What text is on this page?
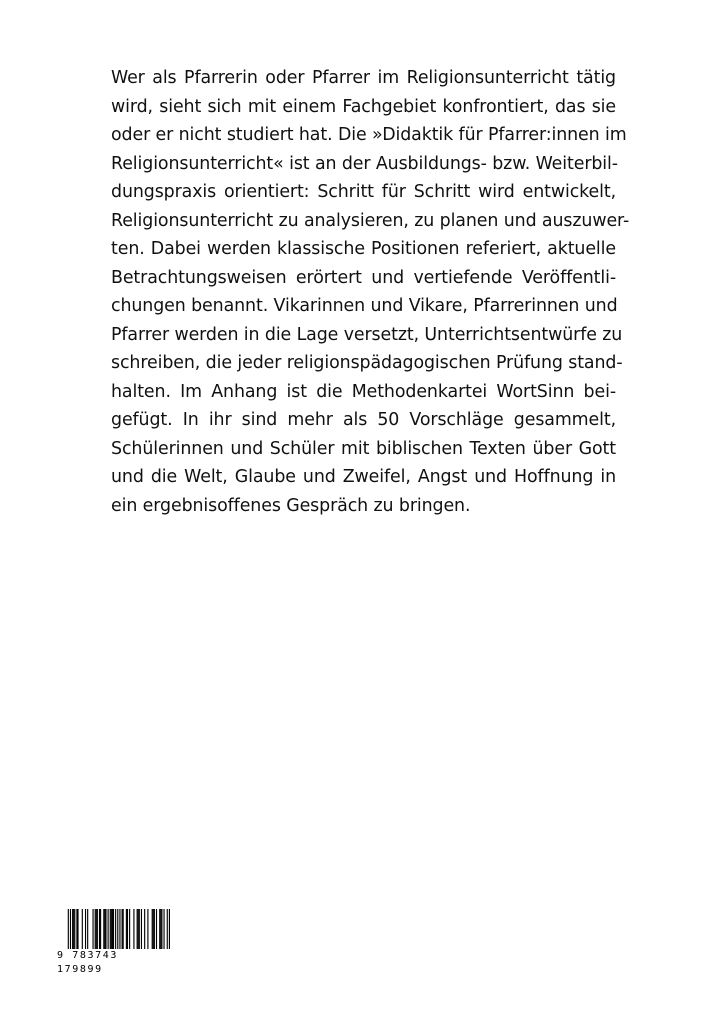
Wer als Pfarrerin oder Pfarrer im Religionsunterricht tätig
wird, sieht sich mit einem Fachgebiet konfrontiert, das sie
oder er nicht studiert hat. Die »Didaktik für Pfarrer:innen im
Religionsunterricht« ist an der Ausbildungs- bzw. Weiterbil-
dungspraxis orientiert: Schritt für Schritt wird entwickelt,
Religionsunterricht zu analysieren, zu planen und auszuwer-
ten. Dabei werden klassische Positionen referiert, aktuelle
Betrachtungsweisen erörtert und vertiefende Veröffentli-
chungen benannt. Vikarinnen und Vikare, Pfarrerinnen und
Pfarrer werden in die Lage versetzt, Unterrichtsentwürfe zu
schreiben, die jeder religionspädagogischen Prüfung stand-
halten. Im Anhang ist die Methodenkartei WortSinn bei-
gefügt. In ihr sind mehr als 50 Vorschläge gesammelt,
Schülerinnen und Schüler mit biblischen Texten über Gott
und die Welt, Glaube und Zweifel, Angst und Hoffnung in
ein ergebnisoffenes Gespräch zu bringen.
9 783743 179899
